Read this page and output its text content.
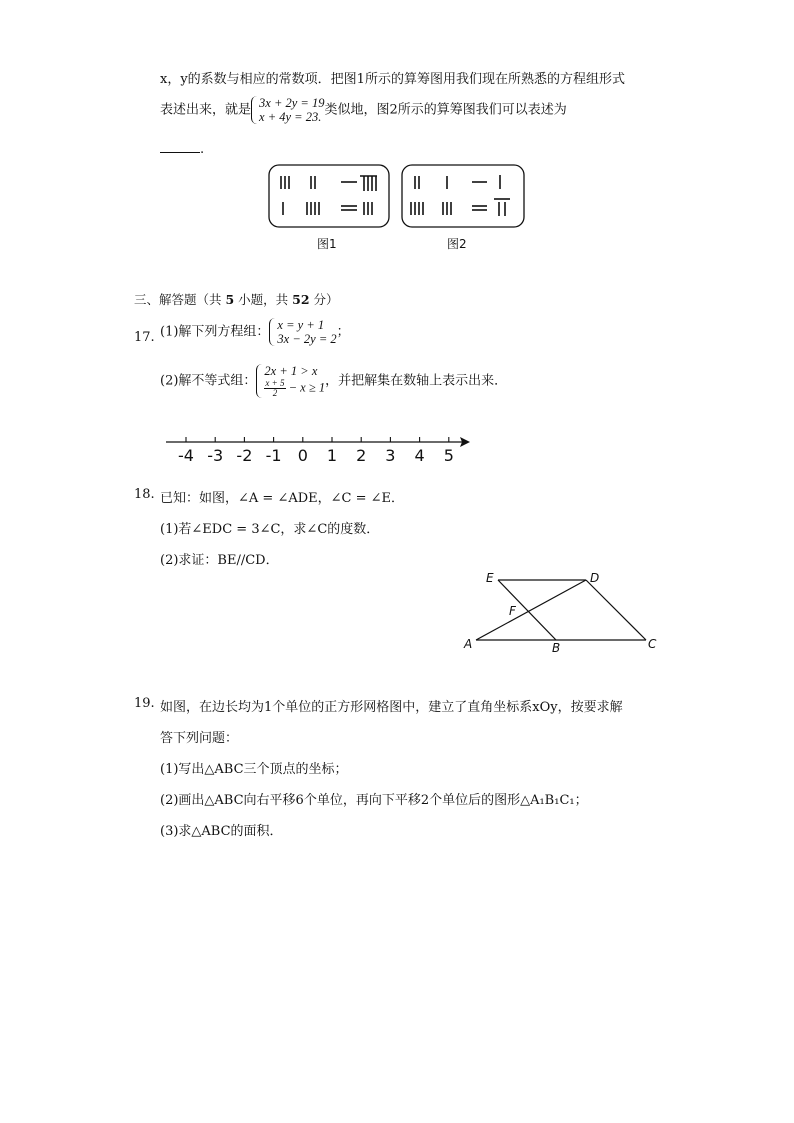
x，y的系数与相应的常数项．把图1所示的算筹图用我们现在所熟悉的方程组形式
表述出来，就是 3x + 2y = 19
x + 4y = 23. 类似地，图2所示的算筹图我们可以表述为
.
图1	图2
三、解答题（共 5 小题，共 52 分）
17. (1)解下列方程组： x = y + 1
3x − 2y = 2 ；
(2)解不等式组：
2x + 1 > x
$\frac{x + 5}{2} - x \ge 1$ ，并把解集在数轴上表示出来．
-4 -3 -2 -1 0 1 2 3 4 5
18. 已知：如图，∠A = ∠ADE，∠C = ∠E．
(1)若∠EDC = 3∠C，求∠C的度数．
(2)求证：BE//CD．
E	D
F
A	B	C
19. 如图，在边长均为1个单位的正方形网格图中，建立了直角坐标系xOy，按要求解
答下列问题：
(1)写出△ABC三个顶点的坐标；
(2)画出△ABC向右平移6个单位，再向下平移2个单位后的图形△A₁B₁C₁；
(3)求△ABC的面积．
